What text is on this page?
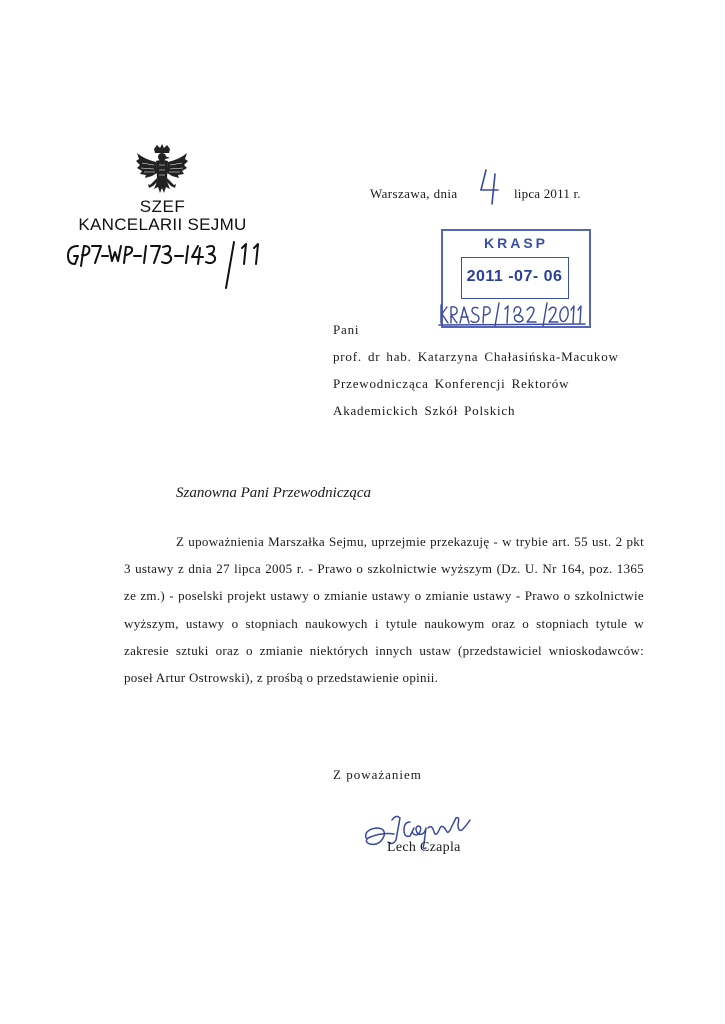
SZEF
KANCELARII SEJMU
Warszawa, dnia	lipca 2011 r.
KRASP
2011 -07- 06
Pani
prof. dr hab. Katarzyna Chałasińska-Macukow
Przewodnicząca Konferencji Rektorów
Akademickich Szkół Polskich
Szanowna Pani Przewodnicząca
Z upoważnienia Marszałka Sejmu, uprzejmie przekazuję - w trybie art. 55 ust. 2 pkt 3 ustawy z dnia 27 lipca 2005 r. - Prawo o szkolnictwie wyższym (Dz. U. Nr 164, poz. 1365 ze zm.) - poselski projekt ustawy o zmianie ustawy o zmianie ustawy - Prawo o szkolnictwie wyższym, ustawy o stopniach naukowych i tytule naukowym oraz o stopniach tytule w zakresie sztuki oraz o zmianie niektórych innych ustaw (przedstawiciel wnioskodawców: poseł Artur Ostrowski), z prośbą o przedstawienie opinii.
Z poważaniem
Lech Czapla
